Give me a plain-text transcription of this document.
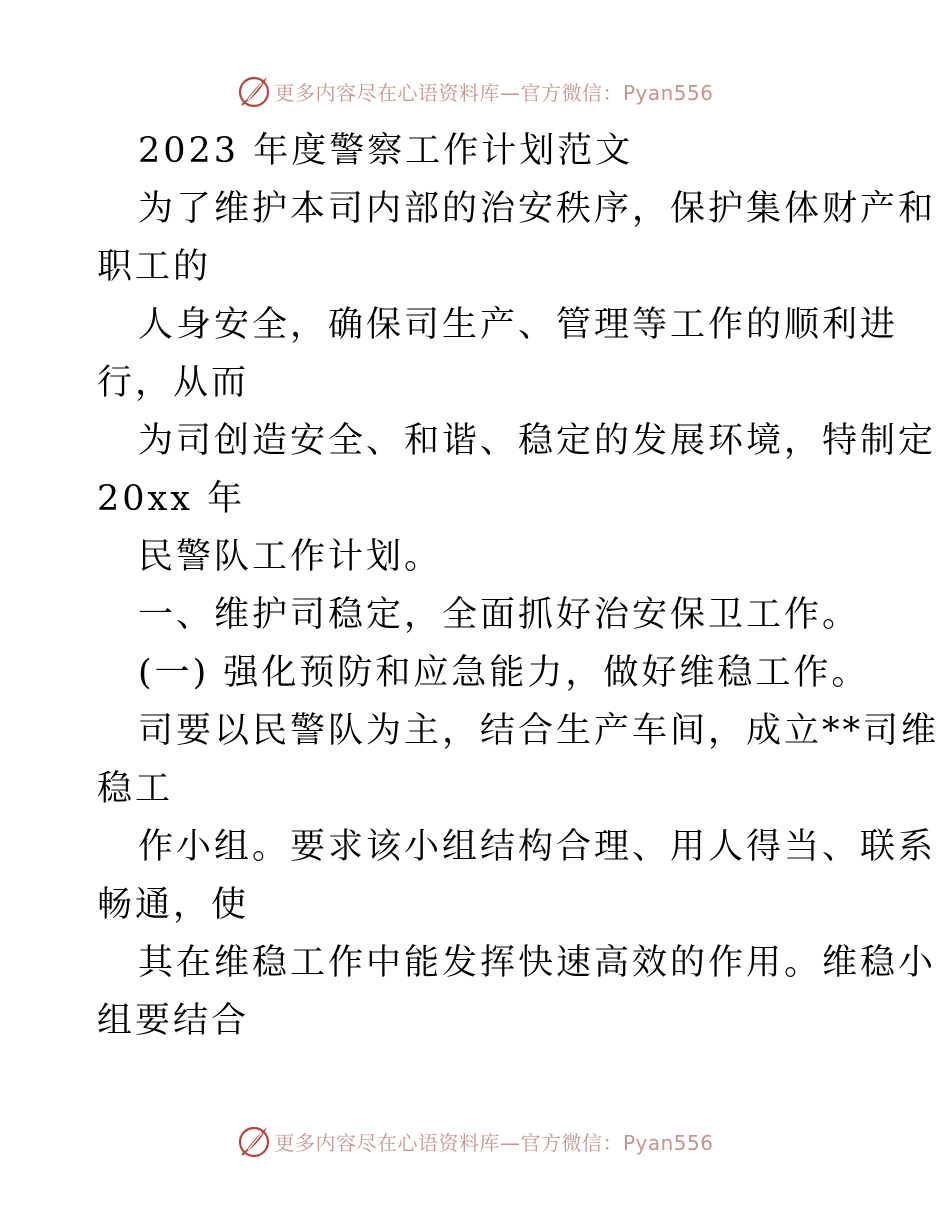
更多内容尽在心语资料库—官方微信：Pyan556
2023 年度警察工作计划范文
为了维护本司内部的治安秩序，保护集体财产和
职工的
人身安全，确保司生产、管理等工作的顺利进
行，从而
为司创造安全、和谐、稳定的发展环境，特制定
20xx 年
民警队工作计划。
一、维护司稳定，全面抓好治安保卫工作。
(一) 强化预防和应急能力，做好维稳工作。
司要以民警队为主，结合生产车间，成立**司维
稳工
作小组。要求该小组结构合理、用人得当、联系
畅通，使
其在维稳工作中能发挥快速高效的作用。维稳小
组要结合
更多内容尽在心语资料库—官方微信：Pyan556
